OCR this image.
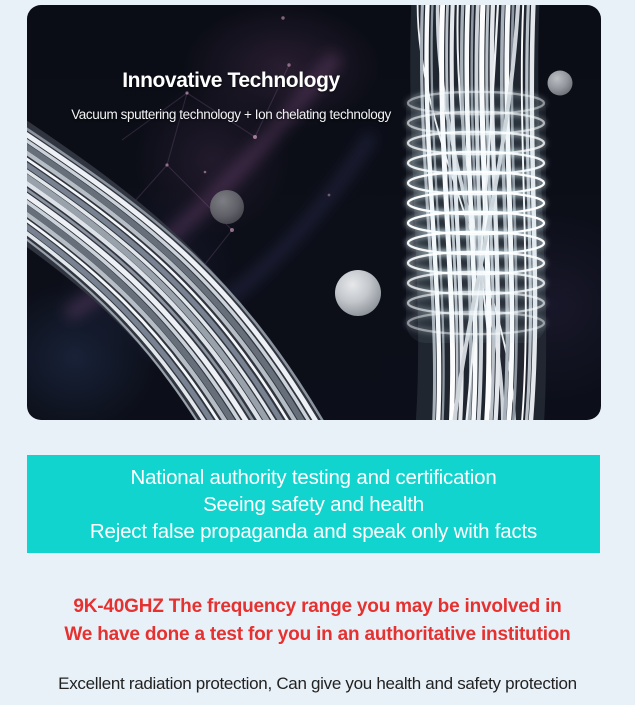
Innovative Technology

Vacuum sputtering technology + Ion chelating technology

National authority testing and certification
Seeing safety and health
Reject false propaganda and speak only with facts
9K-40GHZ The frequency range you may be involved in
We have done a test for you in an authoritative institution

Excellent radiation protection, Can give you health and safety protection
